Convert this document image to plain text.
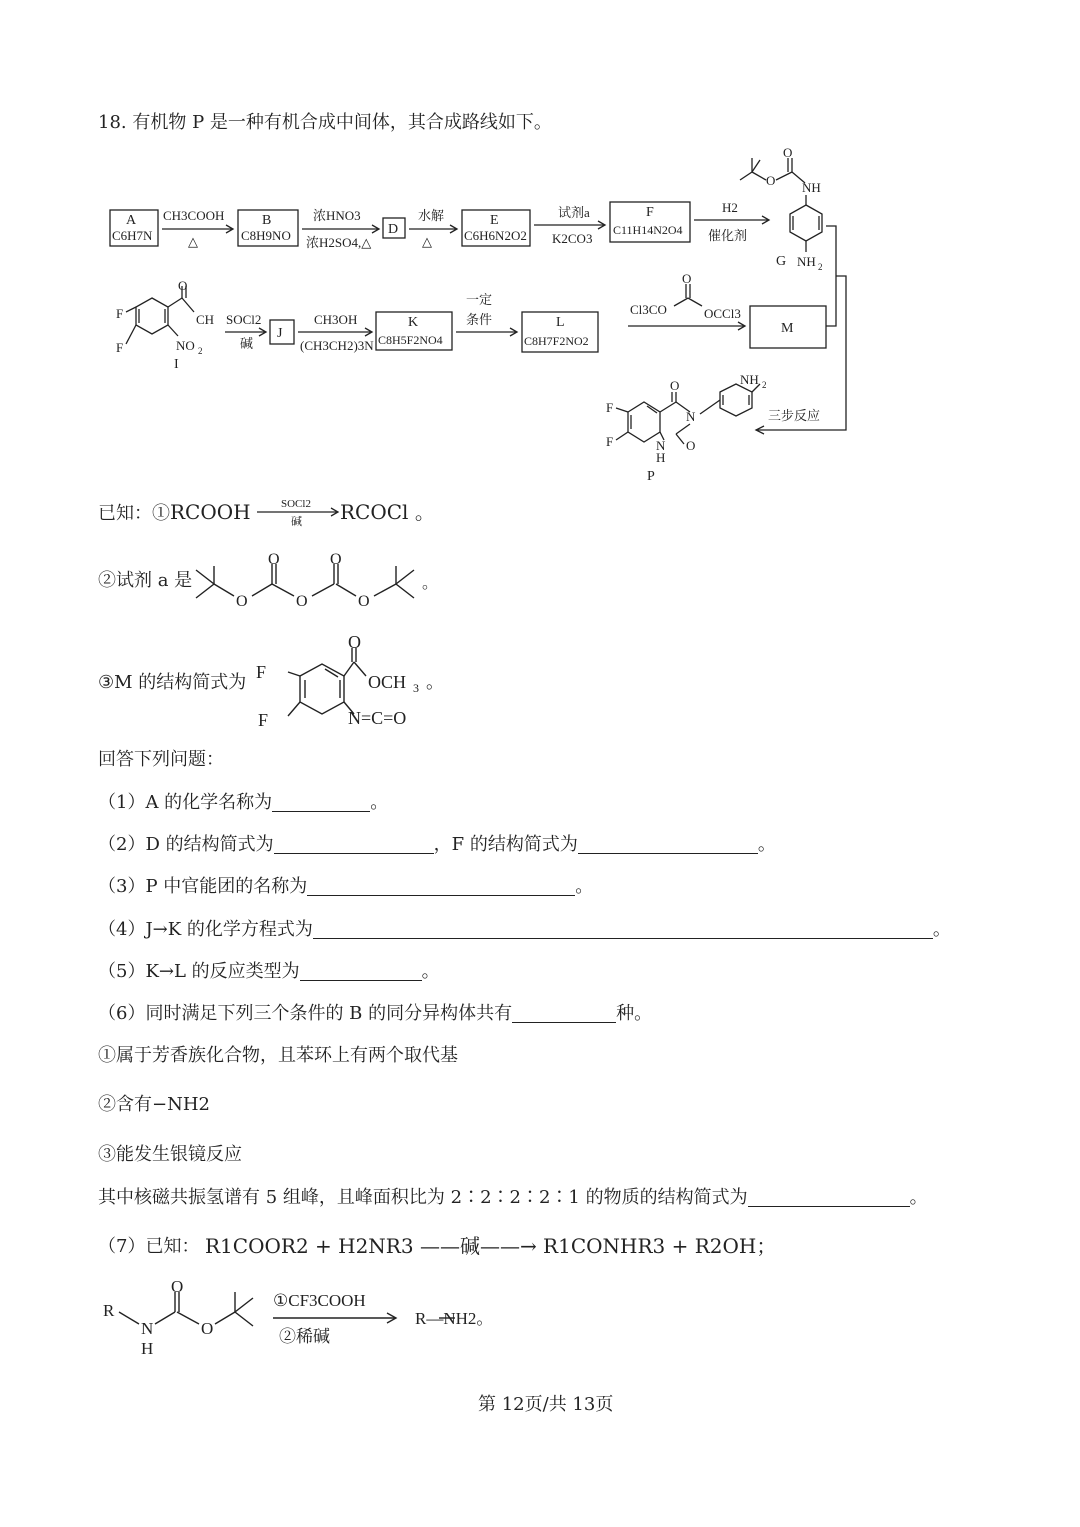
18. 有机物 P 是一种有机合成中间体，其合成路线如下。
A
C6H7N
B
C8H9NO	D
E
C6H6N2O2
F
C11H14N2O4
G
I
J
K
C8H5F2NO4
L
C8H7F2NO2
M
P
CH3COOH
△
浓HNO3
浓H2SO4,△
水解
△
试剂a
K2CO3
H2
催化剂
SOCl2
碱
CH3OH
(CH3CH2)3N
一定
条件
三步反应
Cl3CO	OCCl3
NH
NH 2
O
O
F
F
CH
O
NO 2
O
F
F
O
N
O
N
H
NH 2
已知：①RCOOH	SOCl2
碱 RCOCl 。
②试剂 a 是
O
O
O
O
O
。
③M 的结构简式为 F
F
O
OCH 3 。
N=C=O
回答下列问题：
（1）A 的化学名称为	。
（2）D 的结构简式为	，F 的结构简式为	。
（3）P 中官能团的名称为	。
（4）J→K 的化学方程式为	。
（5）K→L 的反应类型为	。
（6）同时满足下列三个条件的 B 的同分异构体共有	种。
①属于芳香族化合物，且苯环上有两个取代基
②含有−NH2
③能发生银镜反应
其中核磁共振氢谱有 5 组峰，且峰面积比为 2∶2∶2∶2∶1 的物质的结构简式为	。
（7）已知： R1COOR2 + H2NR3 ——碱——→ R1CONHR3 + R2OH；
R
N
H
O
O
①CF3COOH
②稀碱
R—NH2。
第 12页/共 13页
